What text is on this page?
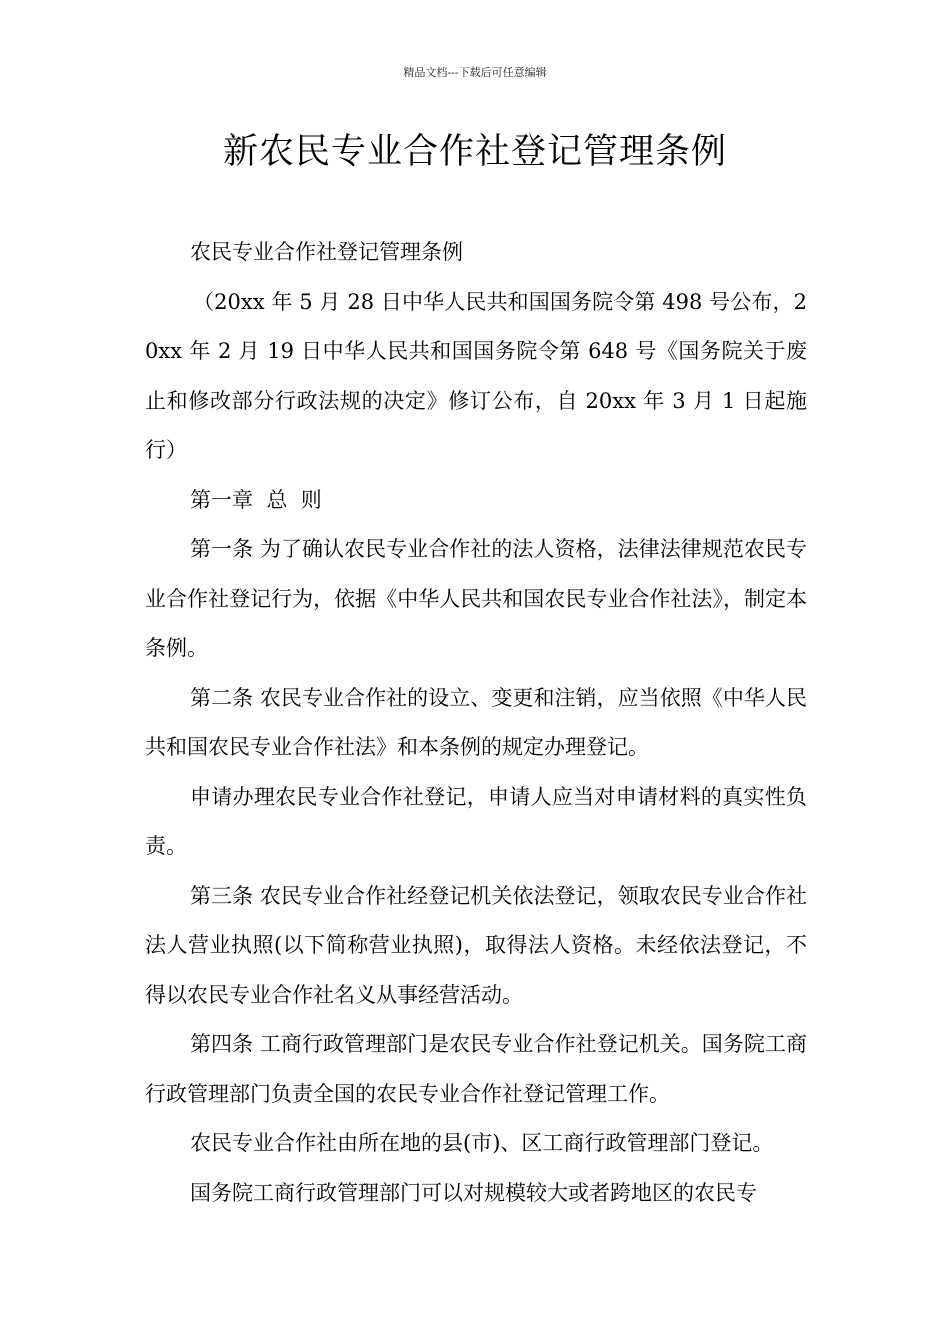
精品文档---下载后可任意编辑
新农民专业合作社登记管理条例

农民专业合作社登记管理条例

（20xx 年 5 月 28 日中华人民共和国国务院令第 498 号公布，20xx 年 2 月 19 日中华人民共和国国务院令第 648 号《国务院关于废止和修改部分行政法规的决定》修订公布，自 20xx 年 3 月 1 日起施行）

第一章  总  则

第一条 为了确认农民专业合作社的法人资格，法律法律规范农民专业合作社登记行为，依据《中华人民共和国农民专业合作社法》，制定本条例。

第二条 农民专业合作社的设立、变更和注销，应当依照《中华人民共和国农民专业合作社法》和本条例的规定办理登记。

申请办理农民专业合作社登记，申请人应当对申请材料的真实性负责。

第三条 农民专业合作社经登记机关依法登记，领取农民专业合作社法人营业执照(以下简称营业执照)，取得法人资格。未经依法登记，不得以农民专业合作社名义从事经营活动。

第四条 工商行政管理部门是农民专业合作社登记机关。国务院工商行政管理部门负责全国的农民专业合作社登记管理工作。

农民专业合作社由所在地的县(市)、区工商行政管理部门登记。

国务院工商行政管理部门可以对规模较大或者跨地区的农民专
